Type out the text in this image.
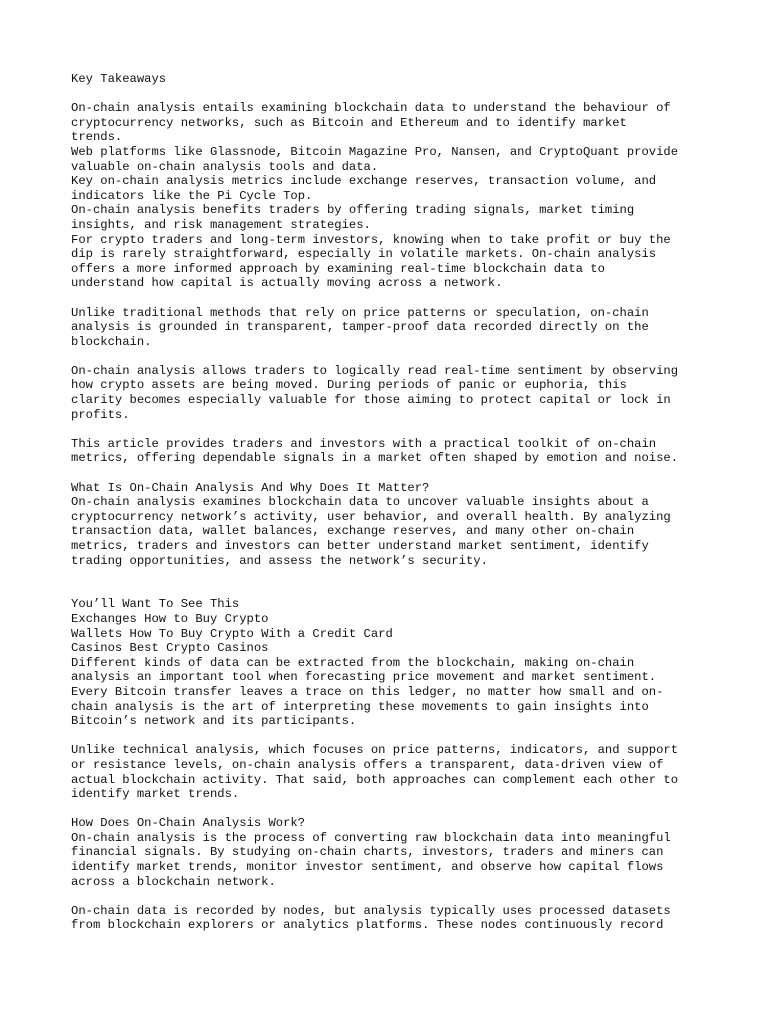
Key Takeaways
On-chain analysis entails examining blockchain data to understand the behaviour of
cryptocurrency networks, such as Bitcoin and Ethereum and to identify market
trends.
Web platforms like Glassnode, Bitcoin Magazine Pro, Nansen, and CryptoQuant provide
valuable on-chain analysis tools and data.
Key on-chain analysis metrics include exchange reserves, transaction volume, and
indicators like the Pi Cycle Top.
On-chain analysis benefits traders by offering trading signals, market timing
insights, and risk management strategies.
For crypto traders and long-term investors, knowing when to take profit or buy the
dip is rarely straightforward, especially in volatile markets. On-chain analysis
offers a more informed approach by examining real-time blockchain data to
understand how capital is actually moving across a network.
Unlike traditional methods that rely on price patterns or speculation, on-chain
analysis is grounded in transparent, tamper-proof data recorded directly on the
blockchain.
On-chain analysis allows traders to logically read real-time sentiment by observing
how crypto assets are being moved. During periods of panic or euphoria, this
clarity becomes especially valuable for those aiming to protect capital or lock in
profits.
This article provides traders and investors with a practical toolkit of on-chain
metrics, offering dependable signals in a market often shaped by emotion and noise.
What Is On-Chain Analysis And Why Does It Matter?
On-chain analysis examines blockchain data to uncover valuable insights about a
cryptocurrency network’s activity, user behavior, and overall health. By analyzing
transaction data, wallet balances, exchange reserves, and many other on-chain
metrics, traders and investors can better understand market sentiment, identify
trading opportunities, and assess the network’s security.
You’ll Want To See This
Exchanges How to Buy Crypto
Wallets How To Buy Crypto With a Credit Card
Casinos Best Crypto Casinos
Different kinds of data can be extracted from the blockchain, making on-chain
analysis an important tool when forecasting price movement and market sentiment.
Every Bitcoin transfer leaves a trace on this ledger, no matter how small and on-
chain analysis is the art of interpreting these movements to gain insights into
Bitcoin’s network and its participants.
Unlike technical analysis, which focuses on price patterns, indicators, and support
or resistance levels, on-chain analysis offers a transparent, data-driven view of
actual blockchain activity. That said, both approaches can complement each other to
identify market trends.
How Does On-Chain Analysis Work?
On-chain analysis is the process of converting raw blockchain data into meaningful
financial signals. By studying on-chain charts, investors, traders and miners can
identify market trends, monitor investor sentiment, and observe how capital flows
across a blockchain network.
On-chain data is recorded by nodes, but analysis typically uses processed datasets
from blockchain explorers or analytics platforms. These nodes continuously record
